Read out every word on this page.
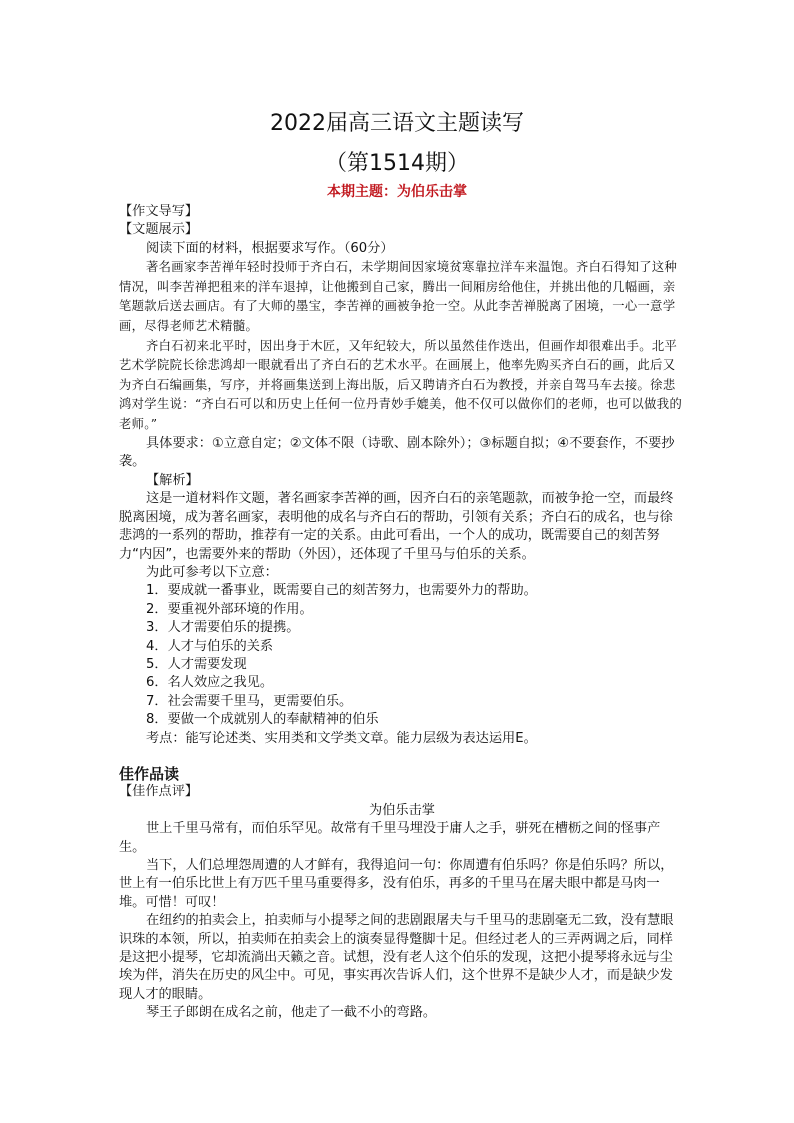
2022届高三语文主题读写
（第1514期）
本期主题：为伯乐击掌

【作文导写】

【文题展示】

阅读下面的材料，根据要求写作。（60分）

著名画家李苦禅年轻时投师于齐白石，未学期间因家境贫寒靠拉洋车来温饱。齐白石得知了这种情况，叫李苦禅把租来的洋车退掉，让他搬到自己家，腾出一间厢房给他住，并挑出他的几幅画，亲笔题款后送去画店。有了大师的墨宝，李苦禅的画被争抢一空。从此李苦禅脱离了困境，一心一意学画，尽得老师艺术精髓。

齐白石初来北平时，因出身于木匠，又年纪较大，所以虽然佳作迭出，但画作却很难出手。北平艺术学院院长徐悲鸿却一眼就看出了齐白石的艺术水平。在画展上，他率先购买齐白石的画，此后又为齐白石编画集，写序，并将画集送到上海出版，后又聘请齐白石为教授，并亲自驾马车去接。徐悲鸿对学生说：“齐白石可以和历史上任何一位丹青妙手媲美，他不仅可以做你们的老师，也可以做我的老师。”

具体要求：①立意自定；②文体不限（诗歌、剧本除外）；③标题自拟；④不要套作，不要抄袭。

【解析】

这是一道材料作文题，著名画家李苦禅的画，因齐白石的亲笔题款，而被争抢一空，而最终脱离困境，成为著名画家，表明他的成名与齐白石的帮助，引领有关系；齐白石的成名，也与徐悲鸿的一系列的帮助，推荐有一定的关系。由此可看出，一个人的成功，既需要自己的刻苦努力“内因”，也需要外来的帮助（外因），还体现了千里马与伯乐的关系。

为此可参考以下立意：

1．要成就一番事业，既需要自己的刻苦努力，也需要外力的帮助。

2．要重视外部环境的作用。

3．人才需要伯乐的提携。

4．人才与伯乐的关系

5．人才需要发现

6．名人效应之我见。

7．社会需要千里马，更需要伯乐。

8．要做一个成就别人的奉献精神的伯乐

考点：能写论述类、实用类和文学类文章。能力层级为表达运用E。

佳作品读

【佳作点评】

为伯乐击掌

世上千里马常有，而伯乐罕见。故常有千里马埋没于庸人之手，骈死在槽枥之间的怪事产生。

当下，人们总埋怨周遭的人才鲜有，我得追问一句：你周遭有伯乐吗？你是伯乐吗？所以，世上有一伯乐比世上有万匹千里马重要得多，没有伯乐，再多的千里马在屠夫眼中都是马肉一堆。可惜！可叹！

在纽约的拍卖会上，拍卖师与小提琴之间的悲剧跟屠夫与千里马的悲剧毫无二致，没有慧眼识珠的本领，所以，拍卖师在拍卖会上的演奏显得蹩脚十足。但经过老人的三弄两调之后，同样是这把小提琴，它却流淌出天籁之音。试想，没有老人这个伯乐的发现，这把小提琴将永远与尘埃为伴，消失在历史的风尘中。可见，事实再次告诉人们，这个世界不是缺少人才，而是缺少发现人才的眼睛。

琴王子郎朗在成名之前，他走了一截不小的弯路。
